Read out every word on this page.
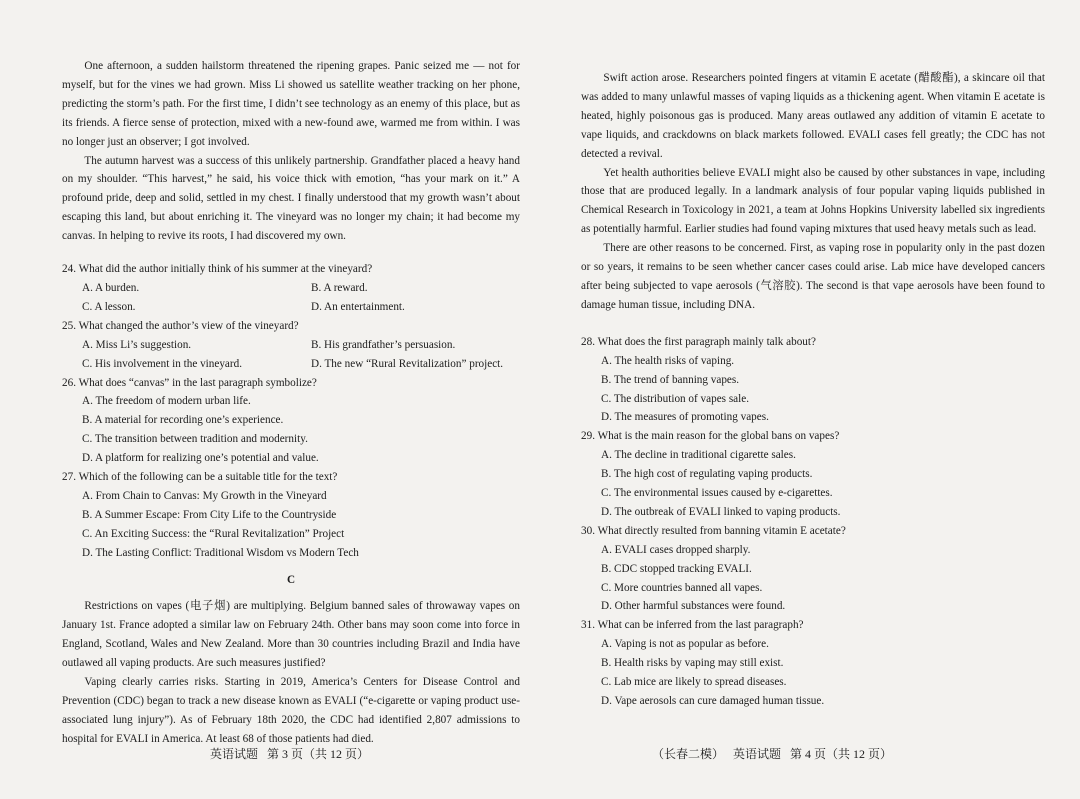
One afternoon, a sudden hailstorm threatened the ripening grapes. Panic seized me — not for myself, but for the vines we had grown. Miss Li showed us satellite weather tracking on her phone, predicting the storm’s path. For the first time, I didn’t see technology as an enemy of this place, but as its friends. A fierce sense of protection, mixed with a new-found awe, warmed me from within. I was no longer just an observer; I got involved.

The autumn harvest was a success of this unlikely partnership. Grandfather placed a heavy hand on my shoulder. “This harvest,” he said, his voice thick with emotion, “has your mark on it.” A profound pride, deep and solid, settled in my chest. I finally understood that my growth wasn’t about escaping this land, but about enriching it. The vineyard was no longer my chain; it had become my canvas. In helping to revive its roots, I had discovered my own.

24. What did the author initially think of his summer at the vineyard?
A. A burden.	B. A reward.
C. A lesson.	D. An entertainment.
25. What changed the author’s view of the vineyard?
A. Miss Li’s suggestion.	B. His grandfather’s persuasion.
C. His involvement in the vineyard.	D. The new “Rural Revitalization” project.
26. What does “canvas” in the last paragraph symbolize?
A. The freedom of modern urban life.
B. A material for recording one’s experience.
C. The transition between tradition and modernity.
D. A platform for realizing one’s potential and value.
27. Which of the following can be a suitable title for the text?
A. From Chain to Canvas: My Growth in the Vineyard
B. A Summer Escape: From City Life to the Countryside
C. An Exciting Success: the “Rural Revitalization” Project
D. The Lasting Conflict: Traditional Wisdom vs Modern Tech
C

Restrictions on vapes (电子烟) are multiplying. Belgium banned sales of throwaway vapes on January 1st. France adopted a similar law on February 24th. Other bans may soon come into force in England, Scotland, Wales and New Zealand. More than 30 countries including Brazil and India have outlawed all vaping products. Are such measures justified?

Vaping clearly carries risks. Starting in 2019, America’s Centers for Disease Control and Prevention (CDC) began to track a new disease known as EVALI (“e-cigarette or vaping product use-associated lung injury”). As of February 18th 2020, the CDC had identified 2,807 admissions to hospital for EVALI in America. At least 68 of those patients had died.

英语试题   第 3 页（共 12 页）

Swift action arose. Researchers pointed fingers at vitamin E acetate (醋酸酯), a skincare oil that was added to many unlawful masses of vaping liquids as a thickening agent. When vitamin E acetate is heated, highly poisonous gas is produced. Many areas outlawed any addition of vitamin E acetate to vape liquids, and crackdowns on black markets followed. EVALI cases fell greatly; the CDC has not detected a revival.

Yet health authorities believe EVALI might also be caused by other substances in vape, including those that are produced legally. In a landmark analysis of four popular vaping liquids published in Chemical Research in Toxicology in 2021, a team at Johns Hopkins University labelled six ingredients as potentially harmful. Earlier studies had found vaping mixtures that used heavy metals such as lead.

There are other reasons to be concerned. First, as vaping rose in popularity only in the past dozen or so years, it remains to be seen whether cancer cases could arise. Lab mice have developed cancers after being subjected to vape aerosols (气溶胶). The second is that vape aerosols have been found to damage human tissue, including DNA.

28. What does the first paragraph mainly talk about?
A. The health risks of vaping.
B. The trend of banning vapes.
C. The distribution of vapes sale.
D. The measures of promoting vapes.
29. What is the main reason for the global bans on vapes?
A. The decline in traditional cigarette sales.
B. The high cost of regulating vaping products.
C. The environmental issues caused by e-cigarettes.
D. The outbreak of EVALI linked to vaping products.
30. What directly resulted from banning vitamin E acetate?
A. EVALI cases dropped sharply.
B. CDC stopped tracking EVALI.
C. More countries banned all vapes.
D. Other harmful substances were found.
31. What can be inferred from the last paragraph?
A. Vaping is not as popular as before.
B. Health risks by vaping may still exist.
C. Lab mice are likely to spread diseases.
D. Vape aerosols can cure damaged human tissue.
（长春二模）   英语试题   第 4 页（共 12 页）
